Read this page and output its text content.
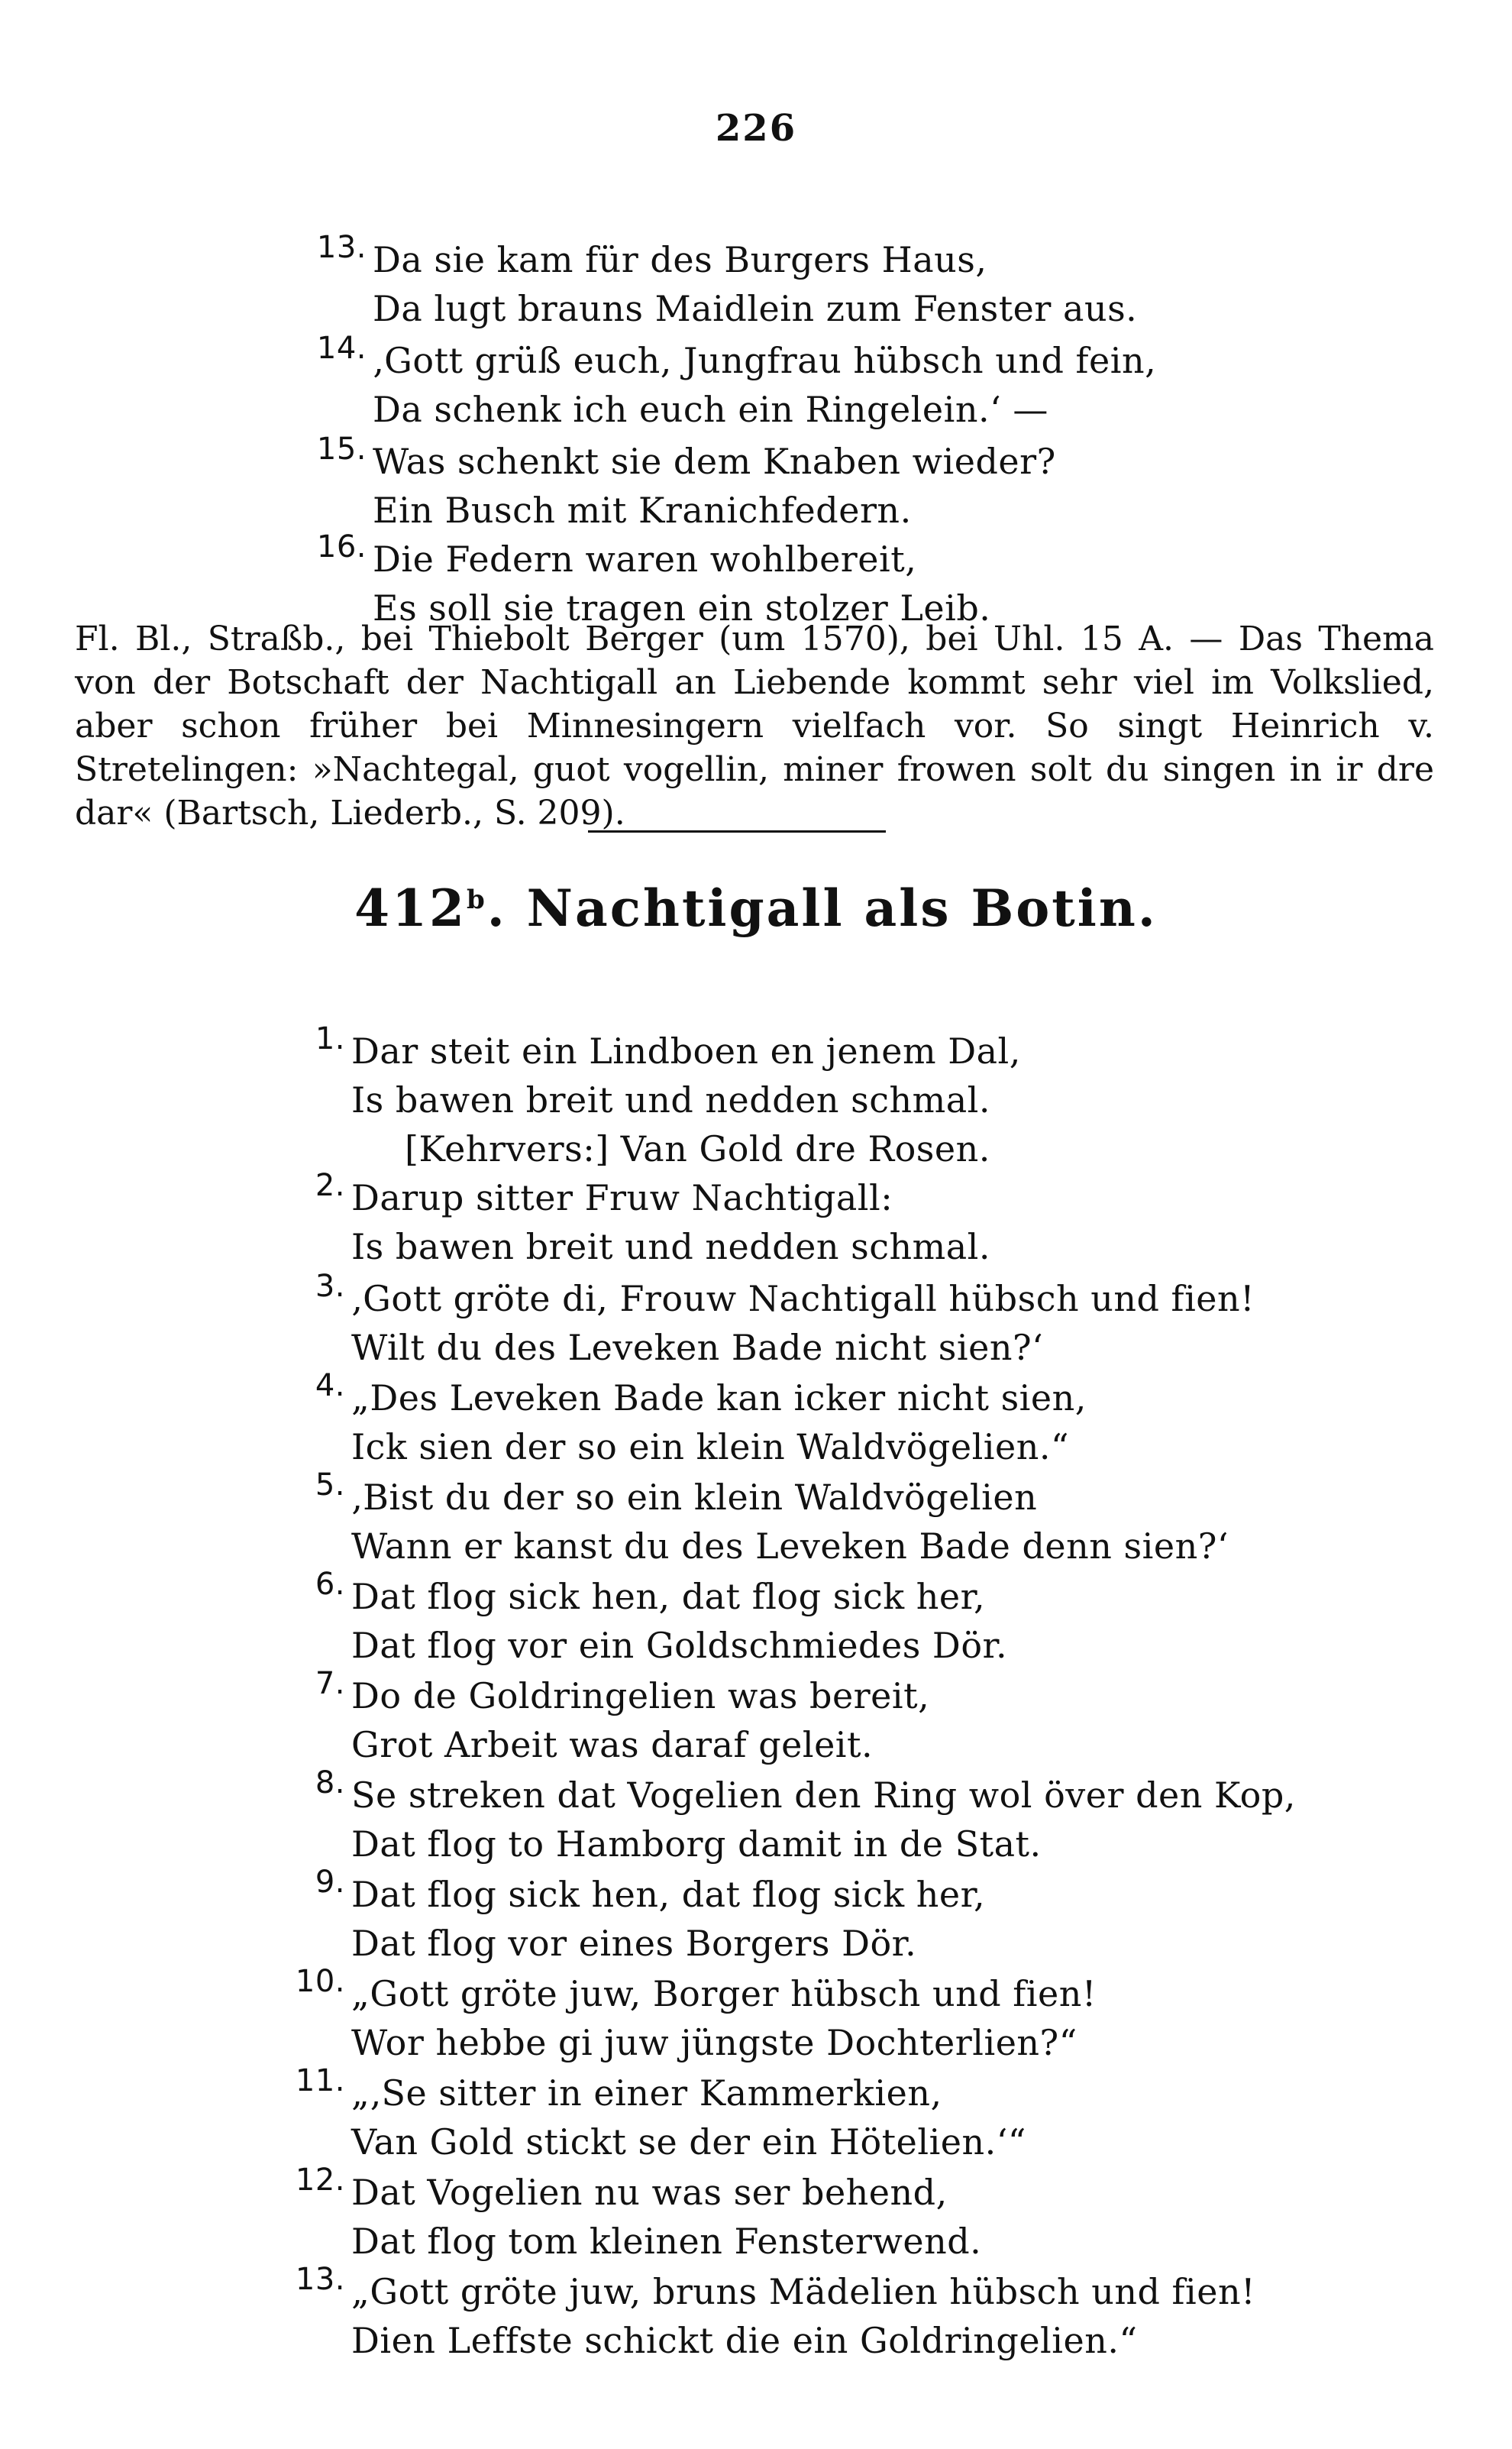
226
13. Da sie kam für des Burgers Haus,
Da lugt brauns Maidlein zum Fenster aus.
14. ‚Gott grüß euch, Jungfrau hübsch und fein,
Da schenk ich euch ein Ringelein.‘ —
15. Was schenkt sie dem Knaben wieder?
Ein Busch mit Kranichfedern.
16. Die Federn waren wohlbereit,
Es soll sie tragen ein stolzer Leib.

Fl. Bl., Straßb., bei Thiebolt Berger (um 1570), bei Uhl. 15 A. — Das Thema von der Botschaft der Nachtigall an Liebende kommt sehr viel im Volkslied, aber schon früher bei Minnesingern vielfach vor. So singt Heinrich v. Stretelingen: »Nachtegal, guot vogellin, miner frowen solt du singen in ir dre dar« (Bartsch, Liederb., S. 209).

412$^b$. Nachtigall als Botin.
1. Dar steit ein Lindboen en jenem Dal,
Is bawen breit und nedden schmal.
[Kehrvers:] Van Gold dre Rosen.
2. Darup sitter Fruw Nachtigall:
Is bawen breit und nedden schmal.
3. ‚Gott gröte di, Frouw Nachtigall hübsch und fien!
Wilt du des Leveken Bade nicht sien?‘
4. „Des Leveken Bade kan icker nicht sien,
Ick sien der so ein klein Waldvögelien.“
5. ‚Bist du der so ein klein Waldvögelien
Wann er kanst du des Leveken Bade denn sien?‘
6. Dat flog sick hen, dat flog sick her,
Dat flog vor ein Goldschmiedes Dör.
7. Do de Goldringelien was bereit,
Grot Arbeit was daraf geleit.
8. Se streken dat Vogelien den Ring wol över den Kop,
Dat flog to Hamborg damit in de Stat.
9. Dat flog sick hen, dat flog sick her,
Dat flog vor eines Borgers Dör.
10. „Gott gröte juw, Borger hübsch und fien!
Wor hebbe gi juw jüngste Dochterlien?“
11. „‚Se sitter in einer Kammerkien,
Van Gold stickt se der ein Hötelien.‘“
12. Dat Vogelien nu was ser behend,
Dat flog tom kleinen Fensterwend.
13. „Gott gröte juw, bruns Mädelien hübsch und fien!
Dien Leffste schickt die ein Goldringelien.“
